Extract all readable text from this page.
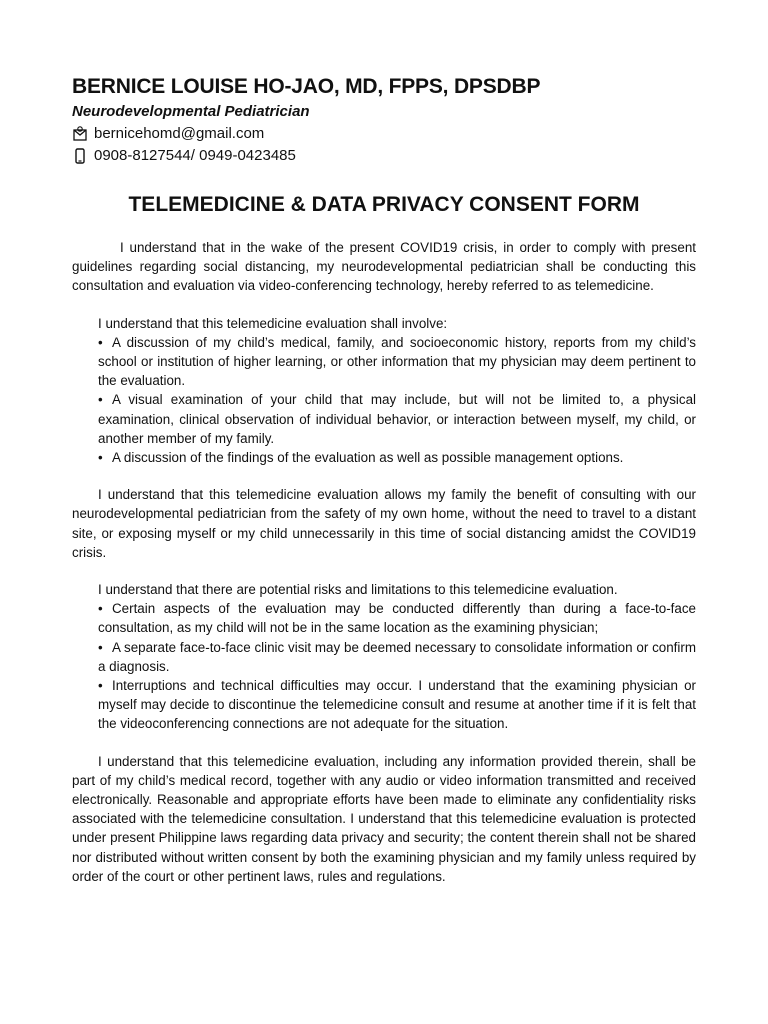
BERNICE LOUISE HO-JAO, MD, FPPS, DPSDBP

Neurodevelopmental Pediatrician

bernicehomd@gmail.com
0908-8127544/ 0949-0423485
TELEMEDICINE & DATA PRIVACY CONSENT FORM

I understand that in the wake of the present COVID19 crisis, in order to comply with present guidelines regarding social distancing, my neurodevelopmental pediatrician shall be conducting this consultation and evaluation via video-conferencing technology, hereby referred to as telemedicine.

I understand that this telemedicine evaluation shall involve:

• A discussion of my child’s medical, family, and socioeconomic history, reports from my child’s school or institution of higher learning, or other information that my physician may deem pertinent to the evaluation.

• A visual examination of your child that may include, but will not be limited to, a physical examination, clinical observation of individual behavior, or interaction between myself, my child, or another member of my family.

• A discussion of the findings of the evaluation as well as possible management options.

I understand that this telemedicine evaluation allows my family the benefit of consulting with our neurodevelopmental pediatrician from the safety of my own home, without the need to travel to a distant site, or exposing myself or my child unnecessarily in this time of social distancing amidst the COVID19 crisis.

I understand that there are potential risks and limitations to this telemedicine evaluation.

• Certain aspects of the evaluation may be conducted differently than during a face-to-face consultation, as my child will not be in the same location as the examining physician;

• A separate face-to-face clinic visit may be deemed necessary to consolidate information or confirm a diagnosis.

• Interruptions and technical difficulties may occur. I understand that the examining physician or myself may decide to discontinue the telemedicine consult and resume at another time if it is felt that the videoconferencing connections are not adequate for the situation.

I understand that this telemedicine evaluation, including any information provided therein, shall be part of my child’s medical record, together with any audio or video information transmitted and received electronically. Reasonable and appropriate efforts have been made to eliminate any confidentiality risks associated with the telemedicine consultation. I understand that this telemedicine evaluation is protected under present Philippine laws regarding data privacy and security; the content therein shall not be shared nor distributed without written consent by both the examining physician and my family unless required by order of the court or other pertinent laws, rules and regulations.
